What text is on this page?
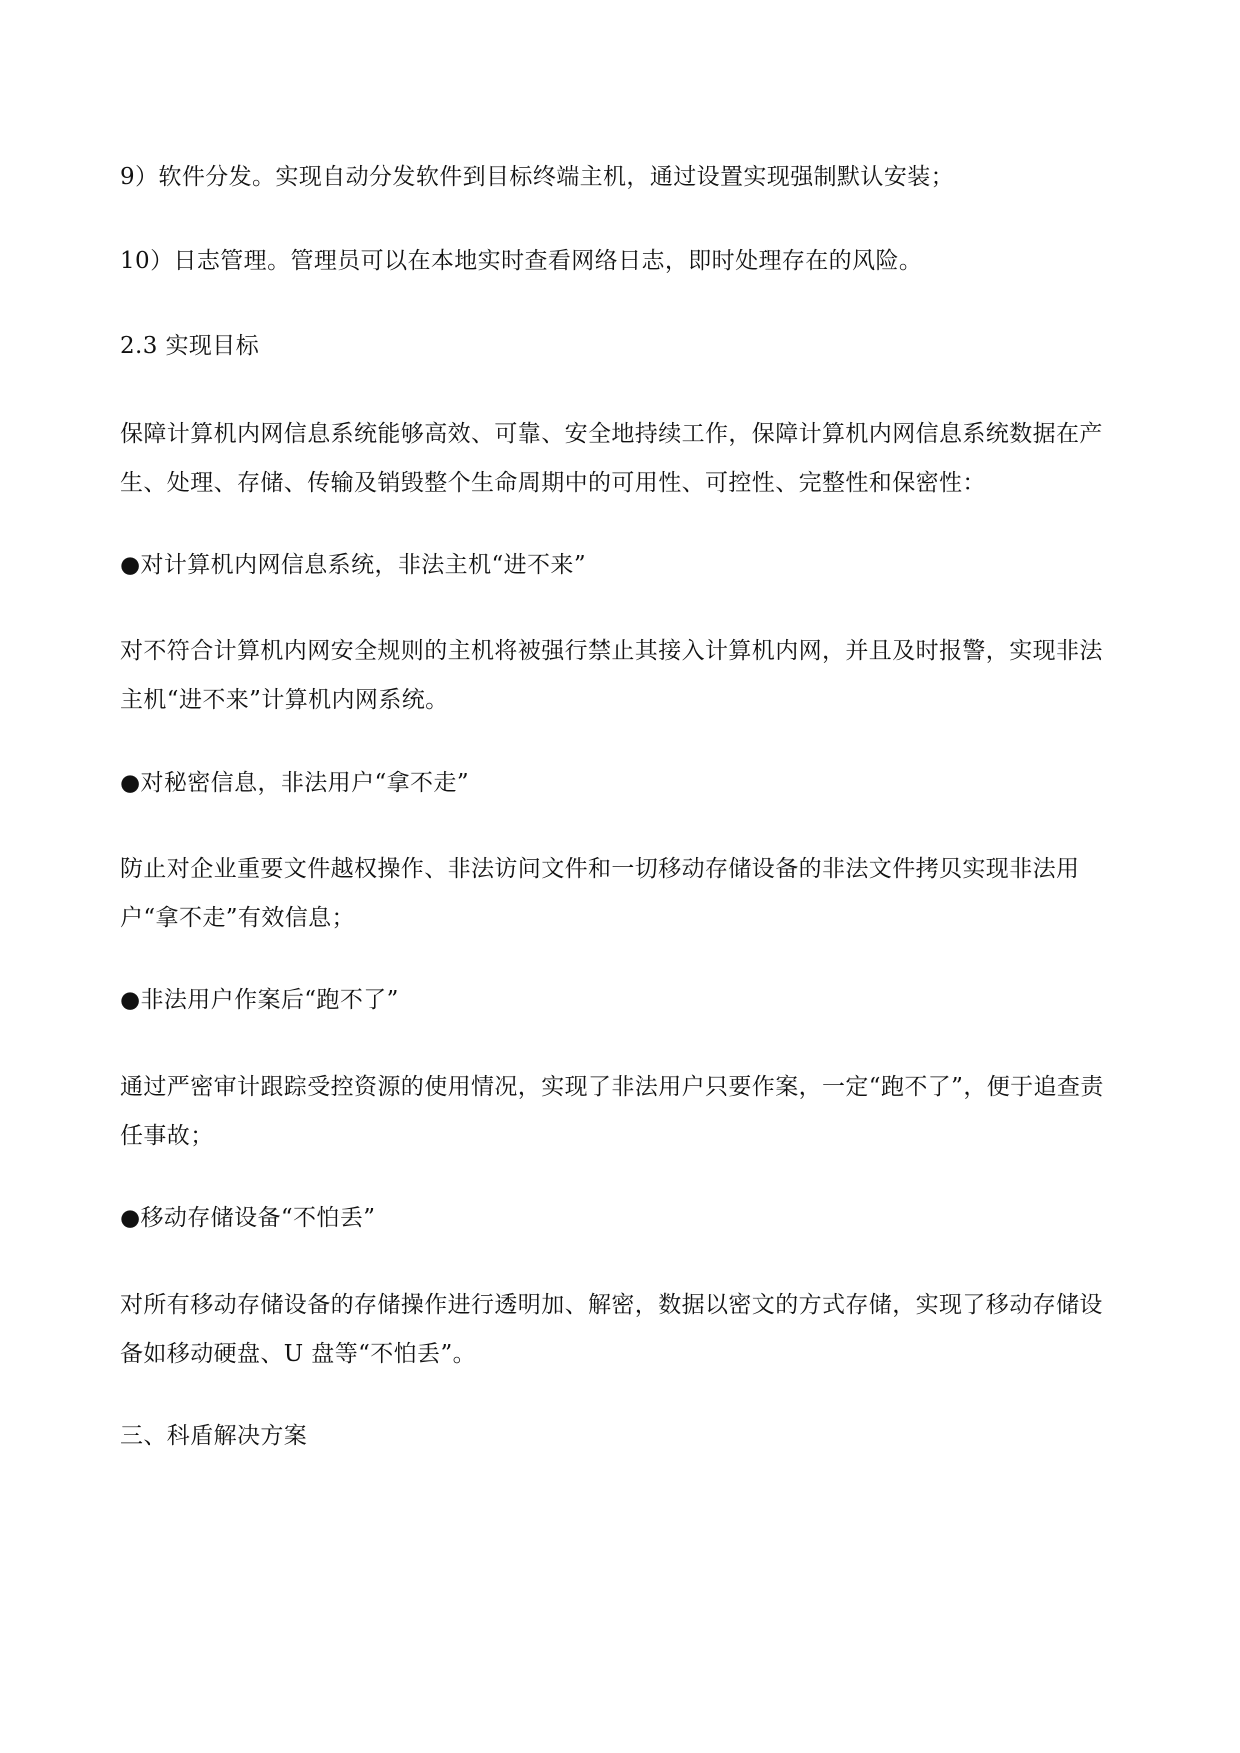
9）软件分发。实现自动分发软件到目标终端主机，通过设置实现强制默认安装；

10）日志管理。管理员可以在本地实时查看网络日志，即时处理存在的风险。

2.3 实现目标

保障计算机内网信息系统能够高效、可靠、安全地持续工作，保障计算机内网信息系统数据在产生、处理、存储、传输及销毁整个生命周期中的可用性、可控性、完整性和保密性：

●对计算机内网信息系统，非法主机“进不来”

对不符合计算机内网安全规则的主机将被强行禁止其接入计算机内网，并且及时报警，实现非法主机“进不来”计算机内网系统。

●对秘密信息，非法用户“拿不走”

防止对企业重要文件越权操作、非法访问文件和一切移动存储设备的非法文件拷贝实现非法用户“拿不走”有效信息；

●非法用户作案后“跑不了”

通过严密审计跟踪受控资源的使用情况，实现了非法用户只要作案，一定“跑不了”，便于追查责任事故；

●移动存储设备“不怕丢”

对所有移动存储设备的存储操作进行透明加、解密，数据以密文的方式存储，实现了移动存储设备如移动硬盘、U 盘等“不怕丢”。

三、科盾解决方案
